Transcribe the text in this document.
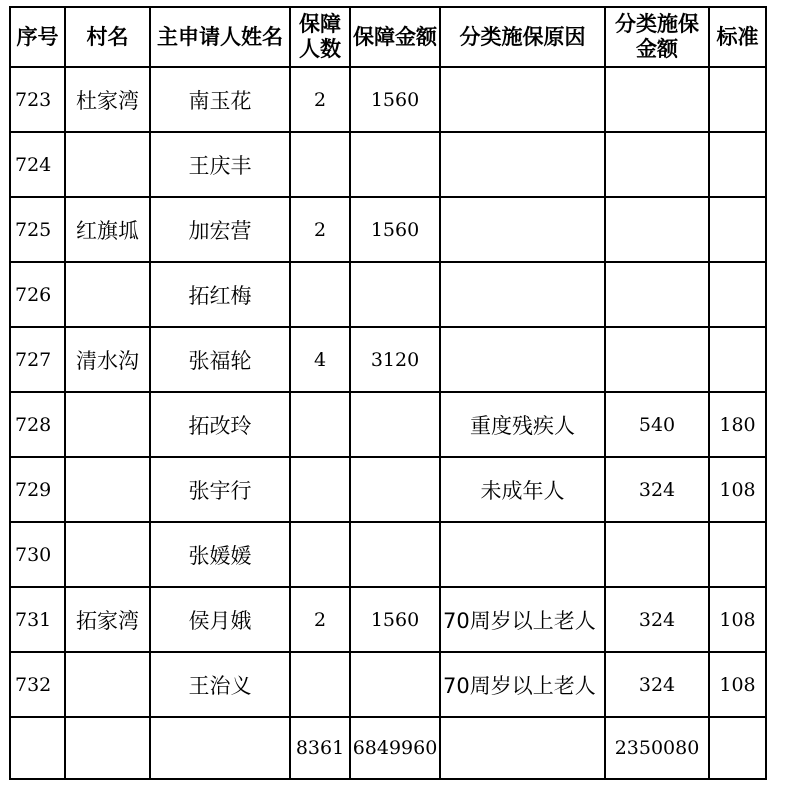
序号	村名	主申请人姓名	保障人数	保障金额	分类施保原因	分类施保金额	标准
723	杜家湾	南玉花	2	1560			
724		王庆丰					
725	红旗坬	加宏营	2	1560			
726		拓红梅					
727	清水沟	张福轮	4	3120			
728		拓改玲			重度残疾人	540	180
729		张宇行			未成年人	324	108
730		张媛媛					
731	拓家湾	侯月娥	2	1560	70周岁以上老人	324	108
732		王治义			70周岁以上老人	324	108
			8361	6849960		2350080	
